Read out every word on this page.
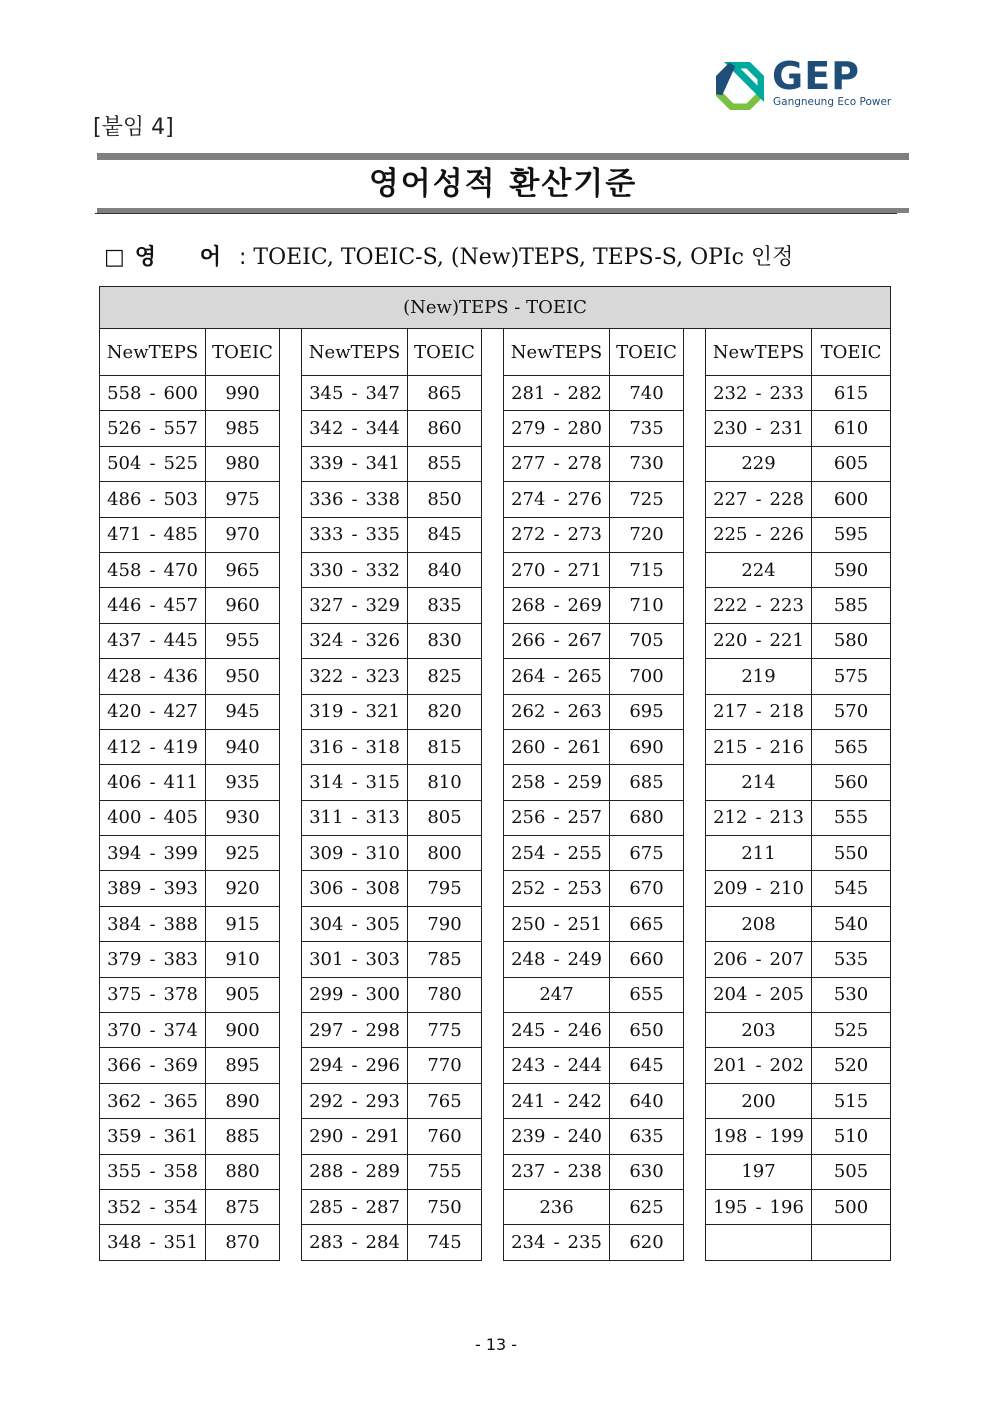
GEP
Gangneung Eco Power
[붙임 4]
영어성적 환산기준
□ 영 어: TOEIC, TOEIC-S, (New)TEPS, TEPS-S, OPIc 인정
(New)TEPS - TOEIC										
NewTEPS	TOEIC		NewTEPS	TOEIC		NewTEPS	TOEIC		NewTEPS	TOEIC
558 - 600	990		345 - 347	865		281 - 282	740		232 - 233	615
526 - 557	985		342 - 344	860		279 - 280	735		230 - 231	610
504 - 525	980		339 - 341	855		277 - 278	730		229	605
486 - 503	975		336 - 338	850		274 - 276	725		227 - 228	600
471 - 485	970		333 - 335	845		272 - 273	720		225 - 226	595
458 - 470	965		330 - 332	840		270 - 271	715		224	590
446 - 457	960		327 - 329	835		268 - 269	710		222 - 223	585
437 - 445	955		324 - 326	830		266 - 267	705		220 - 221	580
428 - 436	950		322 - 323	825		264 - 265	700		219	575
420 - 427	945		319 - 321	820		262 - 263	695		217 - 218	570
412 - 419	940		316 - 318	815		260 - 261	690		215 - 216	565
406 - 411	935		314 - 315	810		258 - 259	685		214	560
400 - 405	930		311 - 313	805		256 - 257	680		212 - 213	555
394 - 399	925		309 - 310	800		254 - 255	675		211	550
389 - 393	920		306 - 308	795		252 - 253	670		209 - 210	545
384 - 388	915		304 - 305	790		250 - 251	665		208	540
379 - 383	910		301 - 303	785		248 - 249	660		206 - 207	535
375 - 378	905		299 - 300	780		247	655		204 - 205	530
370 - 374	900		297 - 298	775		245 - 246	650		203	525
366 - 369	895		294 - 296	770		243 - 244	645		201 - 202	520
362 - 365	890		292 - 293	765		241 - 242	640		200	515
359 - 361	885		290 - 291	760		239 - 240	635		198 - 199	510
355 - 358	880		288 - 289	755		237 - 238	630		197	505
352 - 354	875		285 - 287	750		236	625		195 - 196	500
348 - 351	870		283 - 284	745		234 - 235	620			
- 13 -
